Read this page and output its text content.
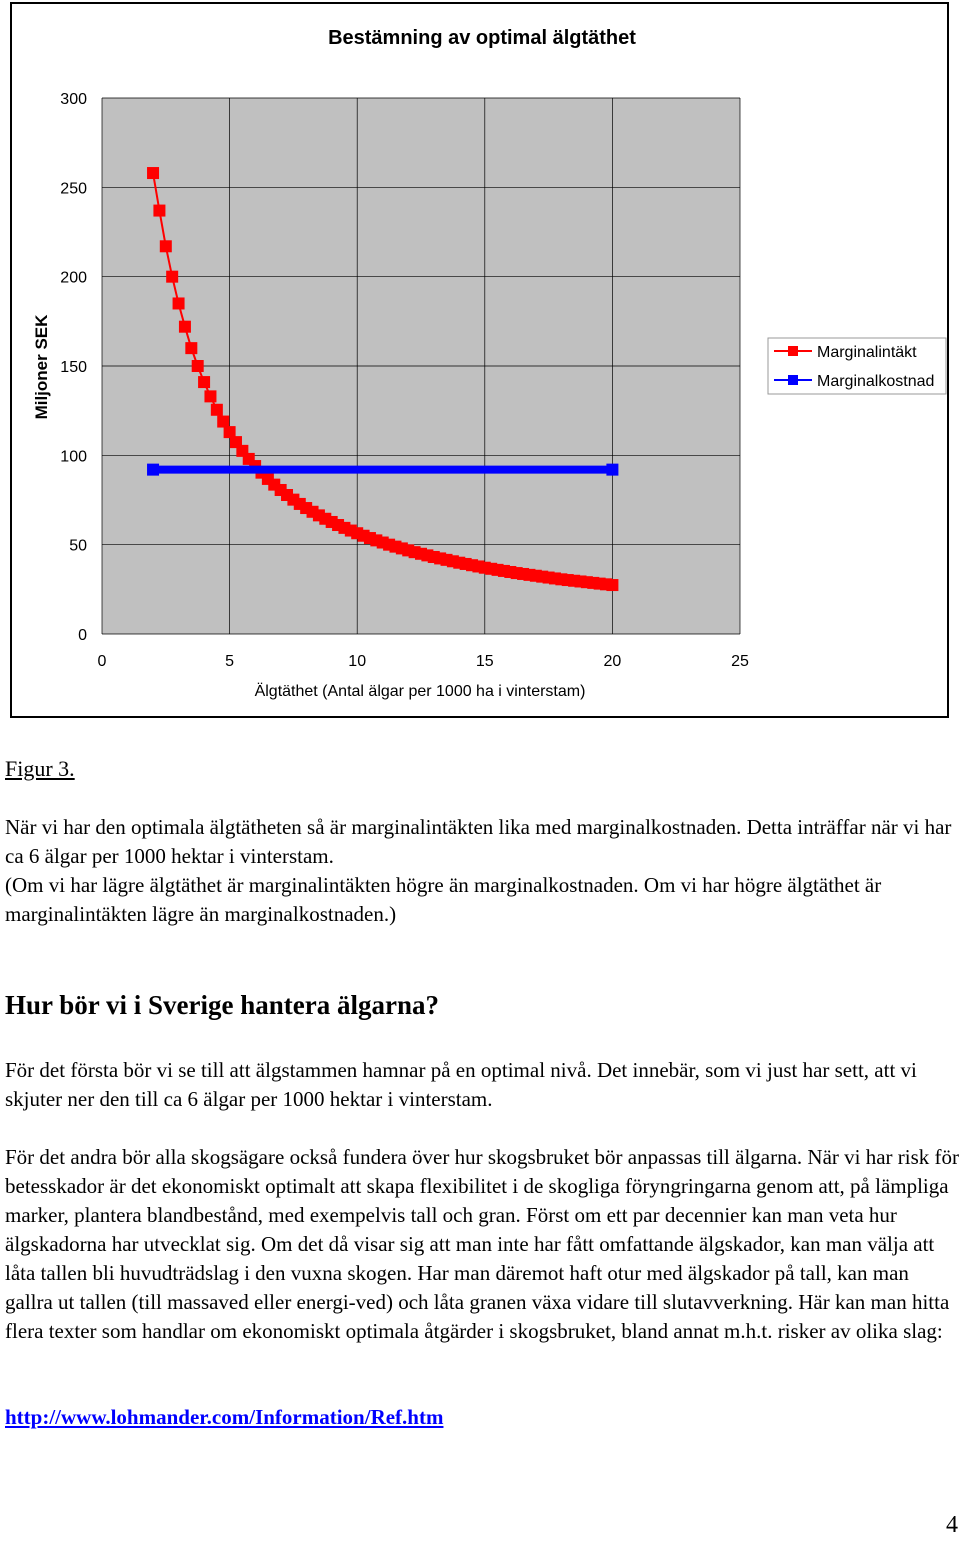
0	5	10	15	20	25
0
50
100
150
200
250
300
Bestämning av optimal älgtäthet
Älgtäthet (Antal älgar per 1000 ha i vinterstam)
Miljoner SEK	Marginalintäkt
Marginalkostnad
Figur 3.
När vi har den optimala älgtätheten så är marginalintäkten lika med marginalkostnaden. Detta inträffar när vi har ca 6 älgar per 1000 hektar i vinterstam.
(Om vi har lägre älgtäthet är marginalintäkten högre än marginalkostnaden. Om vi har högre älgtäthet är marginalintäkten lägre än marginalkostnaden.)
Hur bör vi i Sverige hantera älgarna?
För det första bör vi se till att älgstammen hamnar på en optimal nivå. Det innebär, som vi just har sett, att vi skjuter ner den till ca 6 älgar per 1000 hektar i vinterstam.
För det andra bör alla skogsägare också fundera över hur skogsbruket bör anpassas till älgarna. När vi har risk för betesskador är det ekonomiskt optimalt att skapa flexibilitet i de skogliga föryngringarna genom att, på lämpliga marker, plantera blandbestånd, med exempelvis tall och gran. Först om ett par decennier kan man veta hur älgskadorna har utvecklat sig. Om det då visar sig att man inte har fått omfattande älgskador, kan man välja att låta tallen bli huvudträdslag i den vuxna skogen. Har man däremot haft otur med älgskador på tall, kan man gallra ut tallen (till massaved eller energi-ved) och låta granen växa vidare till slutavverkning. Här kan man hitta flera texter som handlar om ekonomiskt optimala åtgärder i skogsbruket, bland annat m.h.t. risker av olika slag:
http://www.lohmander.com/Information/Ref.htm
4
